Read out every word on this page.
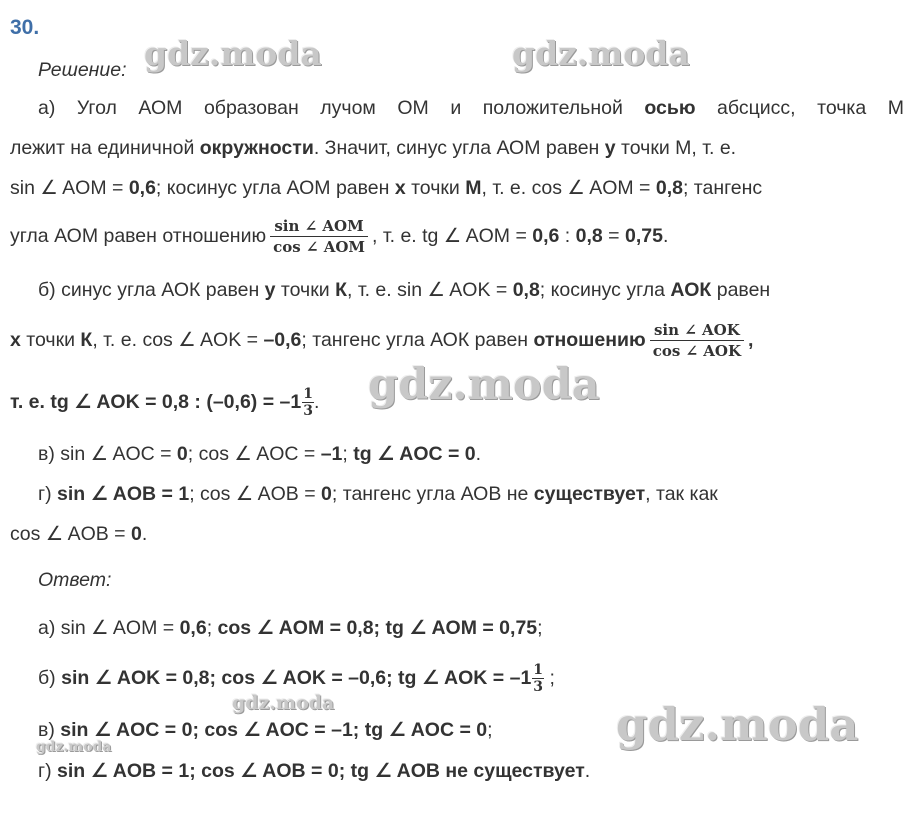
30.
Решение:
а) Угол АОМ образован лучом ОМ и положительной осью абсцисс, точка М
лежит на единичной окружности. Значит, синус угла АОМ равен у точки М, т. е.
sin ∠ AOM = 0,6; косинус угла АОМ равен x точки М, т. е. cos ∠ AOM = 0,8; тангенс
угла АОМ равен отношению $\frac{\text{sin ∠ AOM}}{\text{cos ∠ AOM}}$ , т. е. tg ∠ AOM = 0,6 : 0,8 = 0,75.
б) синус угла АОК равен у точки К, т. е. sin ∠ AOK = 0,8; косинус угла АОК равен
x точки К, т. е. cos ∠ AOK = –0,6; тангенс угла АОК равен отношению $\frac{\text{sin ∠ AOK}}{\text{cos ∠ AOK}}$ ,
т. е. tg ∠ AOK = 0,8 : $(-0,6) = -1 \frac{1}{3}$ .
в) sin ∠ AOC = 0; cos ∠ AOC = –1; tg ∠ AOC = 0.
г) sin ∠ AOB = 1; cos ∠ AOB = 0; тангенс угла АОВ не существует, так как
cos ∠ AOB = 0.
Ответ:
а) sin ∠ AOM = 0,6; cos ∠ AOM = 0,8; tg ∠ AOM = 0,75;
б) sin ∠ AOK = 0,8; cos ∠ AOK = –0,6; tg ∠ AOK = $-1 \frac{1}{3}$ ;
в) sin ∠ AOC = 0; cos ∠ AOC = –1; tg ∠ AOC = 0;
г) sin ∠ AOB = 1; cos ∠ AOB = 0; tg ∠ AOB не существует.
gdz.moda	gdz.moda
gdz.moda
gdz.moda	gdz.moda
gdz.moda
